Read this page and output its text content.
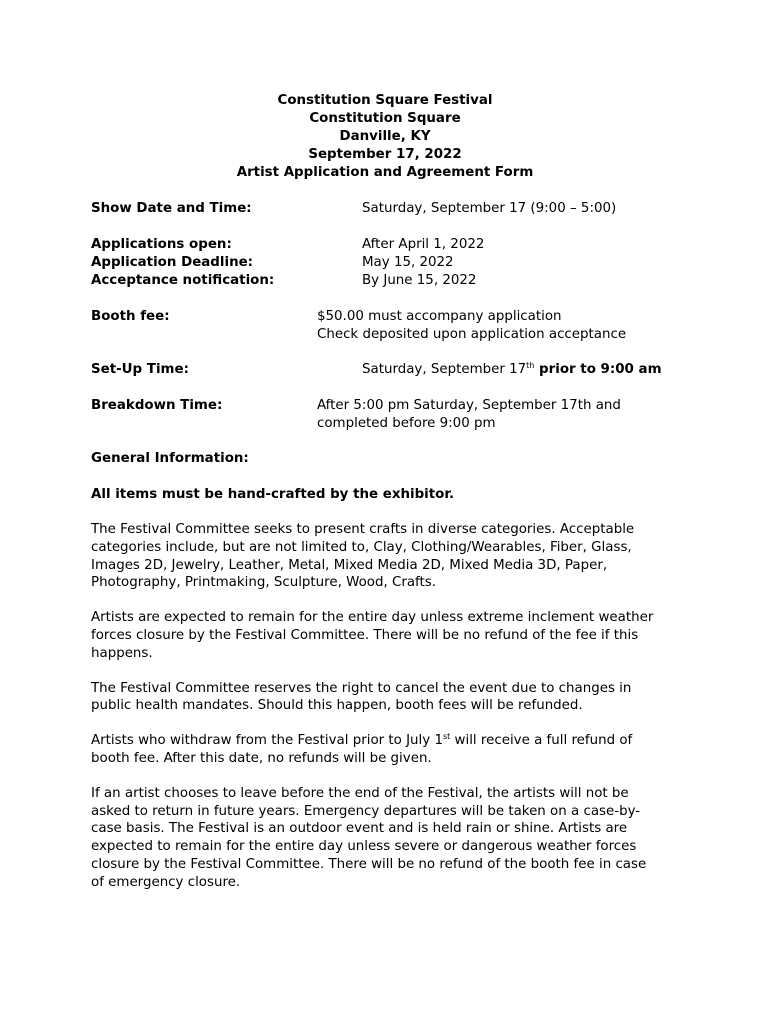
Constitution Square Festival
Constitution Square
Danville, KY
September 17, 2022
Artist Application and Agreement Form
Show Date and Time:	Saturday, September 17 (9:00 – 5:00)
Applications open:	After April 1, 2022
Application Deadline:	May 15, 2022
Acceptance notification:	By June 15, 2022
Booth fee:	$50.00 must accompany application
Check deposited upon application acceptance
Set-Up Time:	Saturday, September 17th prior to 9:00 am
Breakdown Time:	After 5:00 pm Saturday, September 17th and
completed before 9:00 pm
General Information:
All items must be hand-crafted by the exhibitor.
The Festival Committee seeks to present crafts in diverse categories. Acceptable
categories include, but are not limited to, Clay, Clothing/Wearables, Fiber, Glass,
Images 2D, Jewelry, Leather, Metal, Mixed Media 2D, Mixed Media 3D, Paper,
Photography, Printmaking, Sculpture, Wood, Crafts.
Artists are expected to remain for the entire day unless extreme inclement weather
forces closure by the Festival Committee. There will be no refund of the fee if this
happens.
The Festival Committee reserves the right to cancel the event due to changes in
public health mandates. Should this happen, booth fees will be refunded.
Artists who withdraw from the Festival prior to July 1st will receive a full refund of
booth fee. After this date, no refunds will be given.
If an artist chooses to leave before the end of the Festival, the artists will not be
asked to return in future years. Emergency departures will be taken on a case-by-
case basis. The Festival is an outdoor event and is held rain or shine. Artists are
expected to remain for the entire day unless severe or dangerous weather forces
closure by the Festival Committee. There will be no refund of the booth fee in case
of emergency closure.
